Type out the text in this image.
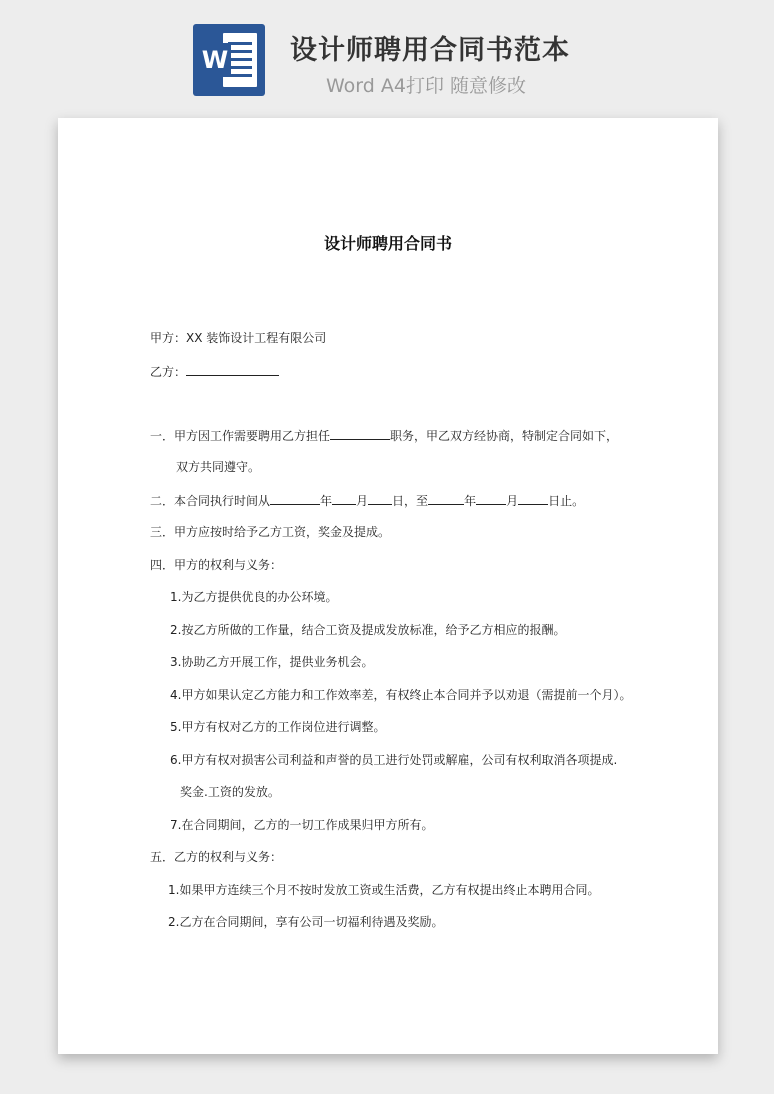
W 设计师聘用合同书范本
Word A4打印 随意修改
设计师聘用合同书
甲方：XX 装饰设计工程有限公司
乙方：
一．甲方因工作需要聘用乙方担任	职务，甲乙双方经协商，特制定合同如下，
双方共同遵守。
二．本合同执行时间从	年 月 日，至	年	月	日止。
三．甲方应按时给予乙方工资，奖金及提成。
四．甲方的权利与义务：
1.为乙方提供优良的办公环境。
2.按乙方所做的工作量，结合工资及提成发放标准，给予乙方相应的报酬。
3.协助乙方开展工作，提供业务机会。
4.甲方如果认定乙方能力和工作效率差，有权终止本合同并予以劝退（需提前一个月）。
5.甲方有权对乙方的工作岗位进行调整。
6.甲方有权对损害公司利益和声誉的员工进行处罚或解雇，公司有权利取消各项提成.
奖金.工资的发放。
7.在合同期间，乙方的一切工作成果归甲方所有。
五．乙方的权利与义务：
1.如果甲方连续三个月不按时发放工资或生活费，乙方有权提出终止本聘用合同。
2.乙方在合同期间，享有公司一切福利待遇及奖励。
